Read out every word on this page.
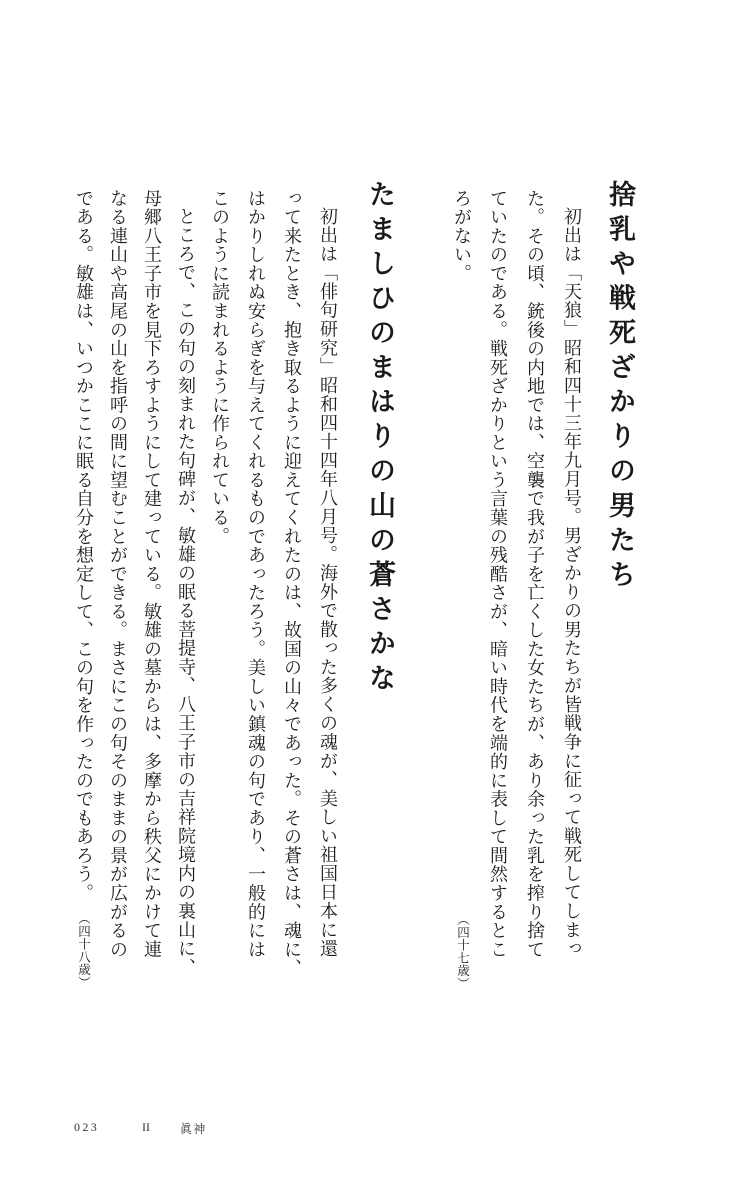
捨乳や戦死ざかりの男たち

初出は「天狼」昭和四十三年九月号。男ざかりの男たちが皆戦争に征って戦死してしまっ

た。その頃、銃後の内地では、空襲で我が子を亡くした女たちが、あり余った乳を搾り捨て

ていたのである。戦死ざかりという言葉の残酷さが、暗い時代を端的に表して間然するとこ

ろがない。

（四十七歳）

たましひのまはりの山の蒼さかな

初出は「俳句研究」昭和四十四年八月号。海外で散った多くの魂が、美しい祖国日本に還

って来たとき、抱き取るように迎えてくれたのは、故国の山々であった。その蒼さは、魂に、

はかりしれぬ安らぎを与えてくれるものであったろう。美しい鎮魂の句であり、一般的には

このように読まれるように作られている。

ところで、この句の刻まれた句碑が、敏雄の眠る菩提寺、八王子市の吉祥院境内の裏山に、

母郷八王子市を見下ろすようにして建っている。敏雄の墓からは、多摩から秩父にかけて連

なる連山や高尾の山を指呼の間に望むことができる。まさにこの句そのままの景が広がるの

である。敏雄は、いつかここに眠る自分を想定して、この句を作ったのでもあろう。

（四十八歳）

023	II	眞神
